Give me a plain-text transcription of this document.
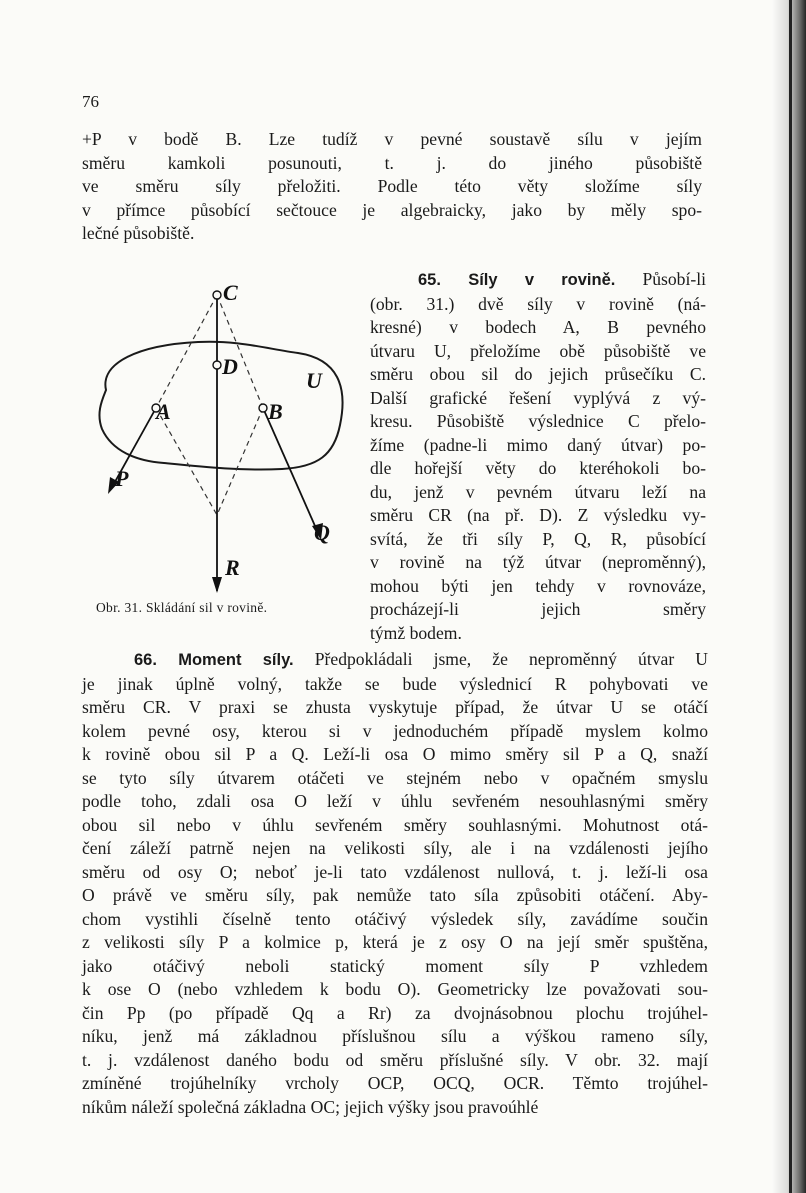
76
+P v bodě B. Lze tudíž v pevné soustavě sílu v jejím
směru kamkoli posunouti, t. j. do jiného působiště
ve směru síly přeložiti. Podle této věty složíme síly
v přímce působící sečtouce je algebraicky, jako by měly spo-
lečné působiště.
C
D
U
A	B
P
Q
R
Obr. 31. Skládání sil v rovině.
65. Síly v rovině. Působí-li
(obr. 31.) dvě síly v rovině (ná-
kresné) v bodech A, B pevného
útvaru U, přeložíme obě působiště ve
směru obou sil do jejich průsečíku C.
Další grafické řešení vyplývá z vý-
kresu. Působiště výslednice C přelo-
žíme (padne-li mimo daný útvar) po-
dle hořejší věty do kteréhokoli bo-
du, jenž v pevném útvaru leží na
směru CR (na př. D). Z výsledku vy-
svítá, že tři síly P, Q, R, působící
v rovině na týž útvar (neproměnný),
mohou býti jen tehdy v rovnováze,
procházejí-li jejich směry
týmž bodem.
66. Moment síly. Předpokládali jsme, že neproměnný útvar U
je jinak úplně volný, takže se bude výslednicí R pohybovati ve
směru CR. V praxi se zhusta vyskytuje případ, že útvar U se otáčí
kolem pevné osy, kterou si v jednoduchém případě myslem kolmo
k rovině obou sil P a Q. Leží-li osa O mimo směry sil P a Q, snaží
se tyto síly útvarem otáčeti ve stejném nebo v opačném smyslu
podle toho, zdali osa O leží v úhlu sevřeném nesouhlasnými směry
obou sil nebo v úhlu sevřeném směry souhlasnými. Mohutnost otá-
čení záleží patrně nejen na velikosti síly, ale i na vzdálenosti jejího
směru od osy O; neboť je-li tato vzdálenost nullová, t. j. leží-li osa
O právě ve směru síly, pak nemůže tato síla způsobiti otáčení. Aby-
chom vystihli číselně tento otáčivý výsledek síly, zavádíme součin
z velikosti síly P a kolmice p, která je z osy O na její směr spuštěna,
jako otáčivý neboli statický moment síly P vzhledem
k ose O (nebo vzhledem k bodu O). Geometricky lze považovati sou-
čin Pp (po případě Qq a Rr) za dvojnásobnou plochu trojúhel-
níku, jenž má základnou příslušnou sílu a výškou rameno síly,
t. j. vzdálenost daného bodu od směru příslušné síly. V obr. 32. mají
zmíněné trojúhelníky vrcholy OCP, OCQ, OCR. Těmto trojúhel-
níkům náleží společná základna OC; jejich výšky jsou pravoúhlé
